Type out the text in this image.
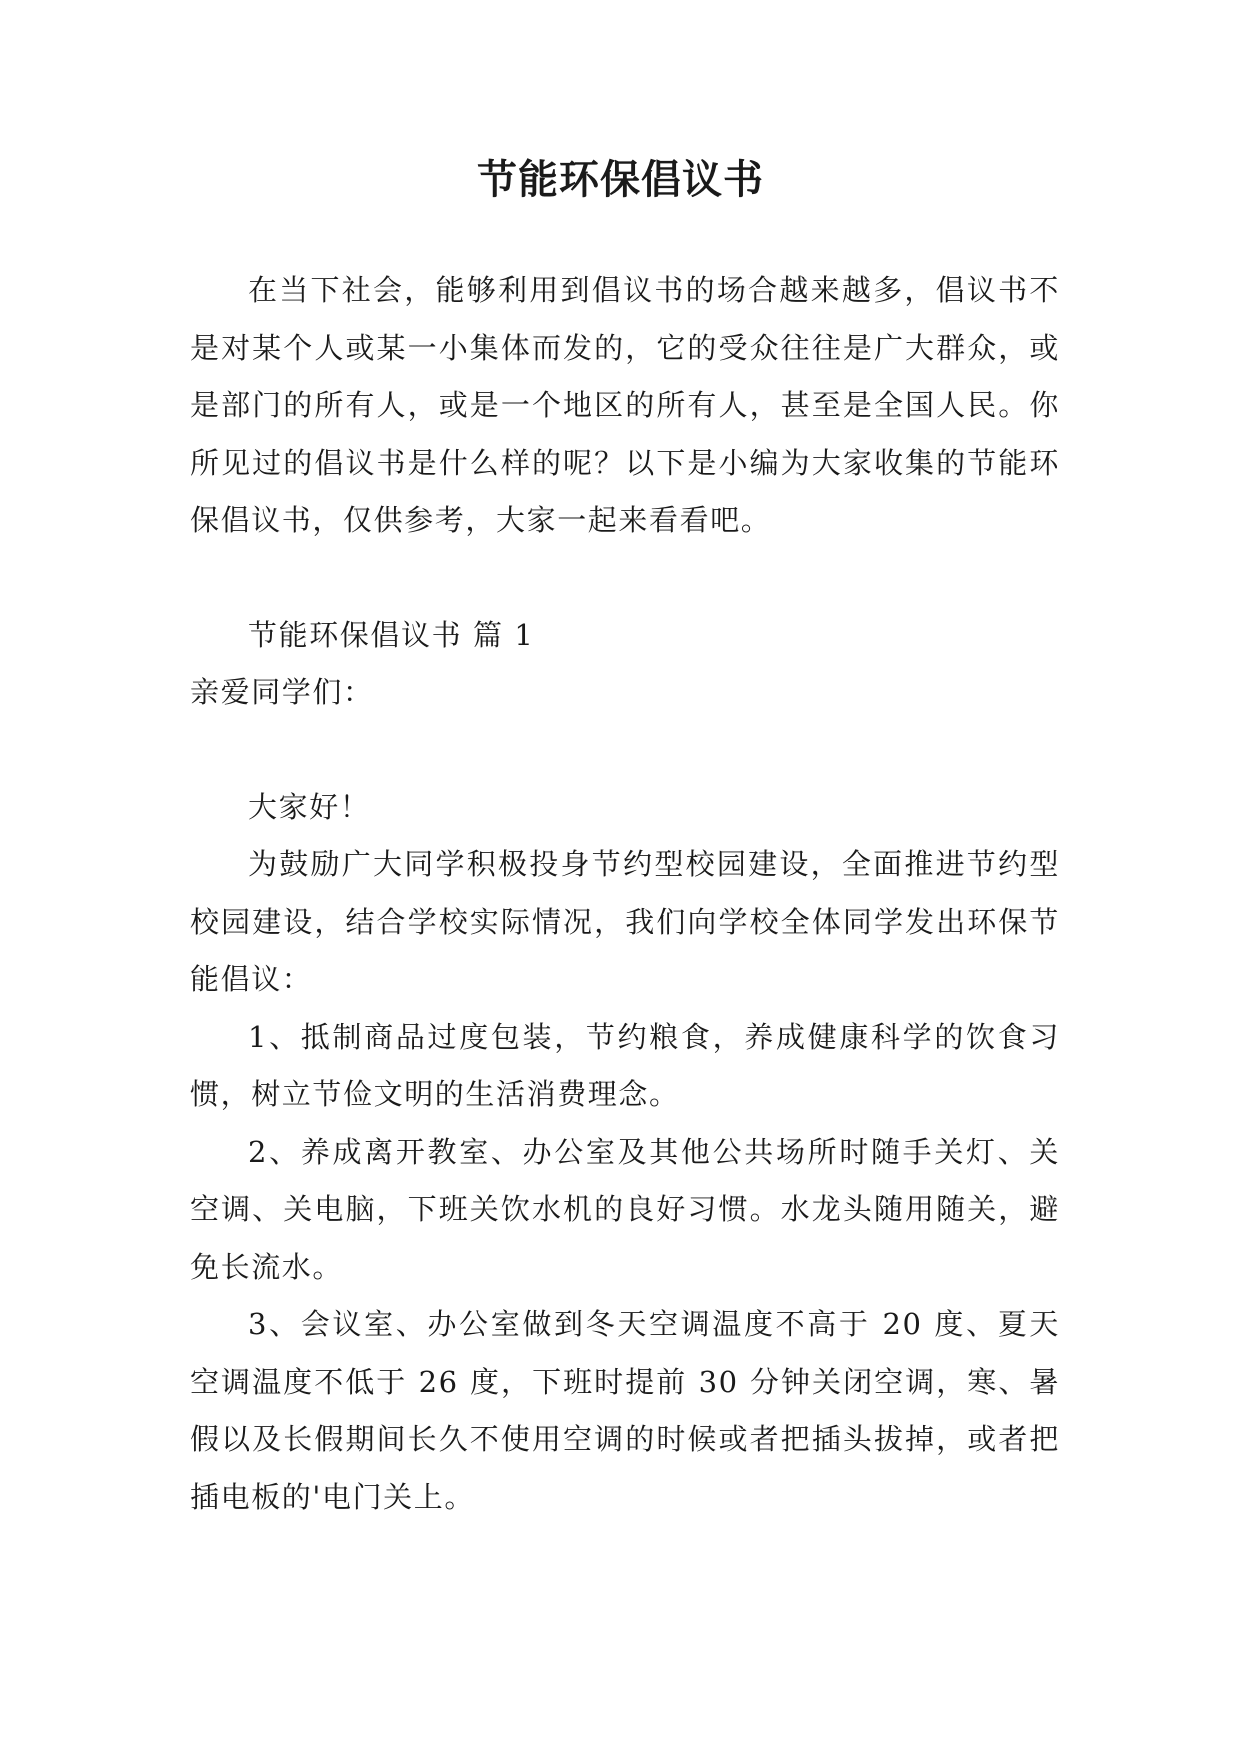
节能环保倡议书

在当下社会，能够利用到倡议书的场合越来越多，倡议书不是对某个人或某一小集体而发的，它的受众往往是广大群众，或是部门的所有人，或是一个地区的所有人，甚至是全国人民。你所见过的倡议书是什么样的呢？以下是小编为大家收集的节能环保倡议书，仅供参考，大家一起来看看吧。

节能环保倡议书 篇 1

亲爱同学们：

大家好！

为鼓励广大同学积极投身节约型校园建设，全面推进节约型校园建设，结合学校实际情况，我们向学校全体同学发出环保节能倡议：

1、抵制商品过度包装，节约粮食，养成健康科学的饮食习惯，树立节俭文明的生活消费理念。

2、养成离开教室、办公室及其他公共场所时随手关灯、关空调、关电脑，下班关饮水机的良好习惯。水龙头随用随关，避免长流水。

3、会议室、办公室做到冬天空调温度不高于 20 度、夏天空调温度不低于 26 度，下班时提前 30 分钟关闭空调，寒、暑假以及长假期间长久不使用空调的时候或者把插头拔掉，或者把插电板的'电门关上。
